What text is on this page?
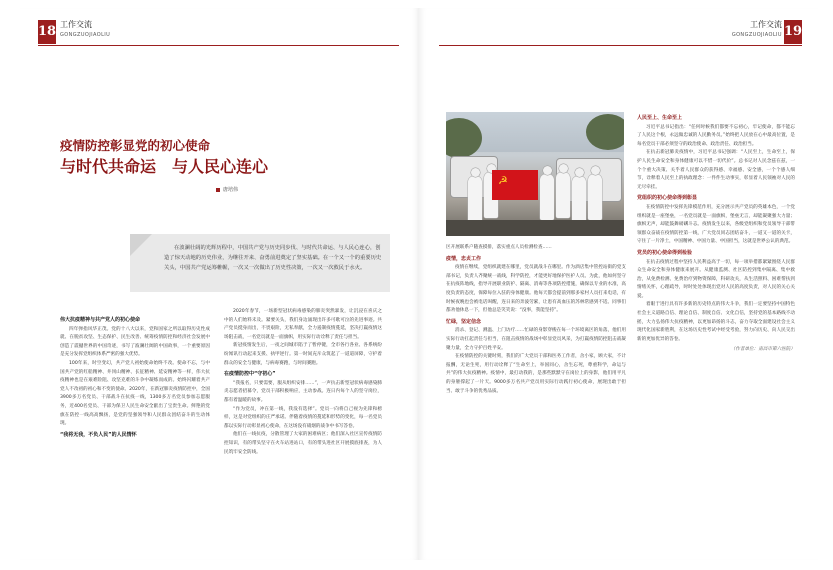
18 工作交流
GONGZUOJIAOLIU
疫情防控彰显党的初心使命
与时代共命运　与人民心连心
唐培伟

在波澜壮阔的光辉历程中，中国共产党与历史同步伐、与时代共命运、与人民心连心，创造了惊天动地的历史伟业，为继往开来、奋勇前进奠定了坚实基础。在一个又一个的重要历史关头，中国共产党运筹帷幄，一次又一次做出了历史性决策，一次又一次救民于水火。

伟大抗疫精神与共产党人的初心使命

四年弹指风华正茂。党的十八大以来，党和国家之所以取得历史性成就、在脱贫攻坚、生态保护、民生改善、统筹疫情防控和经济社会发展中创造了震撼世界的中国奇迹，书写了波澜壮阔的中国故事，一个重要原因是充分发挥党组织体系严密的强大优势。

100年来，时空变幻，共产党人初始使命始终不改。使命不忘，与中国共产党的红船精神、井冈山精神、长征精神、延安精神等一样，伟大抗疫精神也是在艰难险阻、攻坚克难的斗争中凝练而成的。始终闪耀着共产党人不改初的初心和不变的使命。2020年，在新冠肺炎疫情防控中，全国3900多万名党员、干部战斗在抗疫一线，1300多万名党员参加志愿服务，近400名党员、干部为保卫人民生命安全献出了宝贵生命。鲜艳的党旗在防控一线高高飘扬，是党的坚强领导和人民群众团结奋斗的生动体现。

“我将无我，不负人民”的人民情怀

2020年春节，一场新型冠状病毒感染的肺炎突然暴发，让沉浸在喜庆之中的人们始料未及。紧要关头，我们身边涌现出许多可歌可泣的先进事迹。共产党员挺身而出，不畏艰险，无私奉献，全力遏制疫情蔓延，坚决打赢疫情这场阻击战，一名党员就是一面旗帜，用实际行动诠释了责任与担当。

新冠疫情发生后，一夜之间城市陷于了暂停键，全市各行各业、各系统纷纷闻讯行动起来支援、执甲逆行。第一时间充斥众筑起了一道道屏障，守护着群众的安全与健康，与病毒赛跑，与时间赛跑。

在疫情防控中“守初心”

“我报名，只要需要，服从组织安排……”，一声抗击新型冠状病毒感染肺炎志愿者招募令，党员干部积极响应，主动参战。连日内每个人的坚守岗位，都有着温暖的故事。

“作为党员，冲在第一线，我没有选择”。党员一向将自己视为先锋和榜样，这是对党组织的庄严承诺。伴随着疫情的蔓延和形势的变化，每一名党员都以实际行动彰显初心使命，在这场没有硝烟的战争中书写答卷。

他们在一线抗疫，分散管理了大家的困难病区；他们深入社区宣传疫情防控知识，有的带头坚守在火车站进站口，有的带头进社区开展摸底排查，为人民筑牢安全防线。

19
工作交流
GONGZUOJIAOLIU
☭

区开展联系户随查摸排，落实重点人员检测检查……

疫情，忠贞工作

疫情在继续，党组织就建在哪里，党员就战斗在哪里。作为酒店集中管控站街的党支部书记，负责人齐聚统一战线，科学防控，才能更好地保护医护人员。为此，他如何坚守在抗疫阵地线，指导开展职业防护、隔离、消毒等各项防控措施，确保以专业的水准，高度负责的态度，保障每位入驻的身体健康。他每天都会提前到那多家村人员打来电话，有时候夜晚也会被电话叫醒，连日来的奔波劳累，让患有高血压的苏林常感到不适。同事们都劝他休息一下，但他总是笑笑说：“没事，我能坚持”。

忙碌，坚定信念

消杀、登记、测温、上门访疗……忙碌的身影穿梭在每一个环境离区的角落，他们用实际行动扛起责任与担当，在阻击疫情的战场中彰显党员风采，为打赢疫情防控阻击战凝聚力量，全力守护百姓平安。

在疫情防控的关键时刻，我们的广大党员干部和医务工作者，舍小家，顾大家，不计报酬，无论生死，用行动诠释了“生命至上，举国同心，舍生忘死，尊重科学，命运与共”的伟大抗疫精神。疫情中，最打动我的，是那些默默守在岗位上的身影，他们用平凡的身躯撑起了一片天。9000多万名共产党员用实际行动践行初心使命，展现出敢于担当、敢于斗争的优秀品质。

人民至上、生命至上

习近平总书记指出：“任何时候我们都要不忘初心，牢记使命，都不能忘了人民这个根，永远做忠诚的人民勤务员。”始终把人民放在心中最高位置，是每名党员干部必须坚守的政治使命、政治责任、政治担当。

在抗击新冠肺炎疫情中，习近平总书记强调：“人民至上，生命至上，保护人民生命安全和身体健康可以不惜一切代价”。总书记对人民念兹在兹，一个个重大决策、关乎着人民群众的获得感、幸福感、安全感，一个个感人细节，诠释着人民至上的执政理念：一件件生动事实，彰显着人民领袖对人民的无尽牵挂。

党组织的初心使命得到彰显

在疫情防控中发挥先锋模范作用，充分展示共产党员的英雄本色，一个党组织就是一座堡垒，一名党员就是一面旗帜，堡垒无言，却能凝聚强大力量；旗帜无声，却能鼓舞磅礴斗志。疫情发生以来，各级党组织和党员领导干部带领群众奋战在疫情防控第一线，广大党员同志团结奋斗，一道又一道的关卡，守住了一片净土，中国精神、中国力量、中国担当，这就是世界公认的典范。

党员的初心使命得到检验

在抗击疫情过程中坚持人民利益高于一切，每一项举措都紧紧围绕人民群众生命安全和身体健康来展开。从健康监测、社区防控到集中隔离、集中救治，从免费检测、免费治疗到物资保障，科研攻关，从生活照料、困难帮扶到情绪关怀，心理疏导，时时处处体现出党对人民的高度负责，对人民的关心关爱。

着眼于进行具有许多新的历史特点的伟大斗争，我们一定要坚持中国特色社会主义道路自信、理论自信、制度自信、文化自信，坚持党的基本路线不动摇，大力弘扬伟大抗疫精神，以更加昂扬的斗志，奋力夺取全面建设社会主义现代化国家新胜利，在这场历史性考试中经受考验，努力向历史、向人民交出新的更加优异的答卷。

（作者单位：南昌市第六医院）
